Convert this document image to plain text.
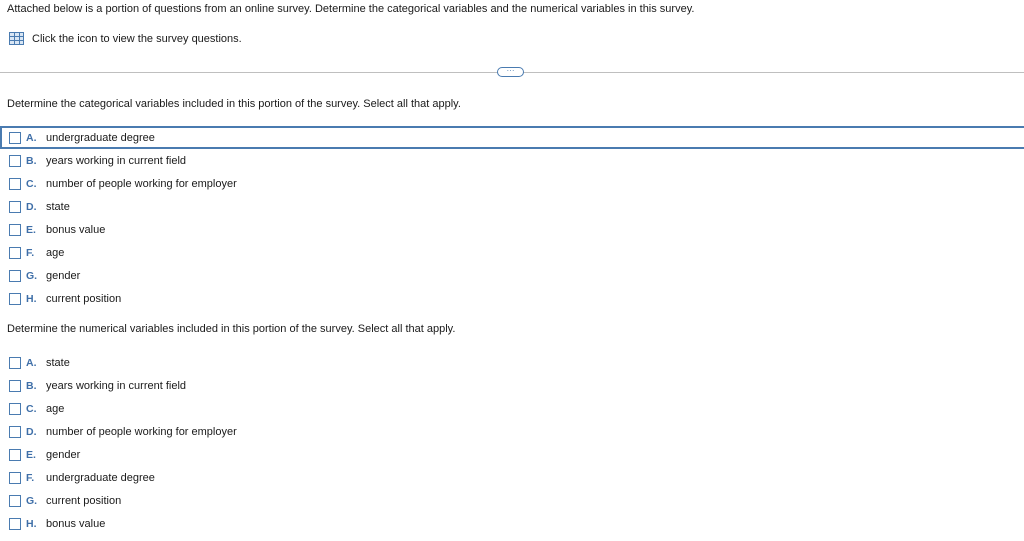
Attached below is a portion of questions from an online survey. Determine the categorical variables and the numerical variables in this survey.
Click the icon to view the survey questions.
···
Determine the categorical variables included in this portion of the survey. Select all that apply.
A. undergraduate degree
B. years working in current field
C. number of people working for employer
D. state
E. bonus value
F.	age
G. gender
H. current position
Determine the numerical variables included in this portion of the survey. Select all that apply.
A. state
B. years working in current field
C. age
D. number of people working for employer
E. gender
F.	undergraduate degree
G. current position
H. bonus value
